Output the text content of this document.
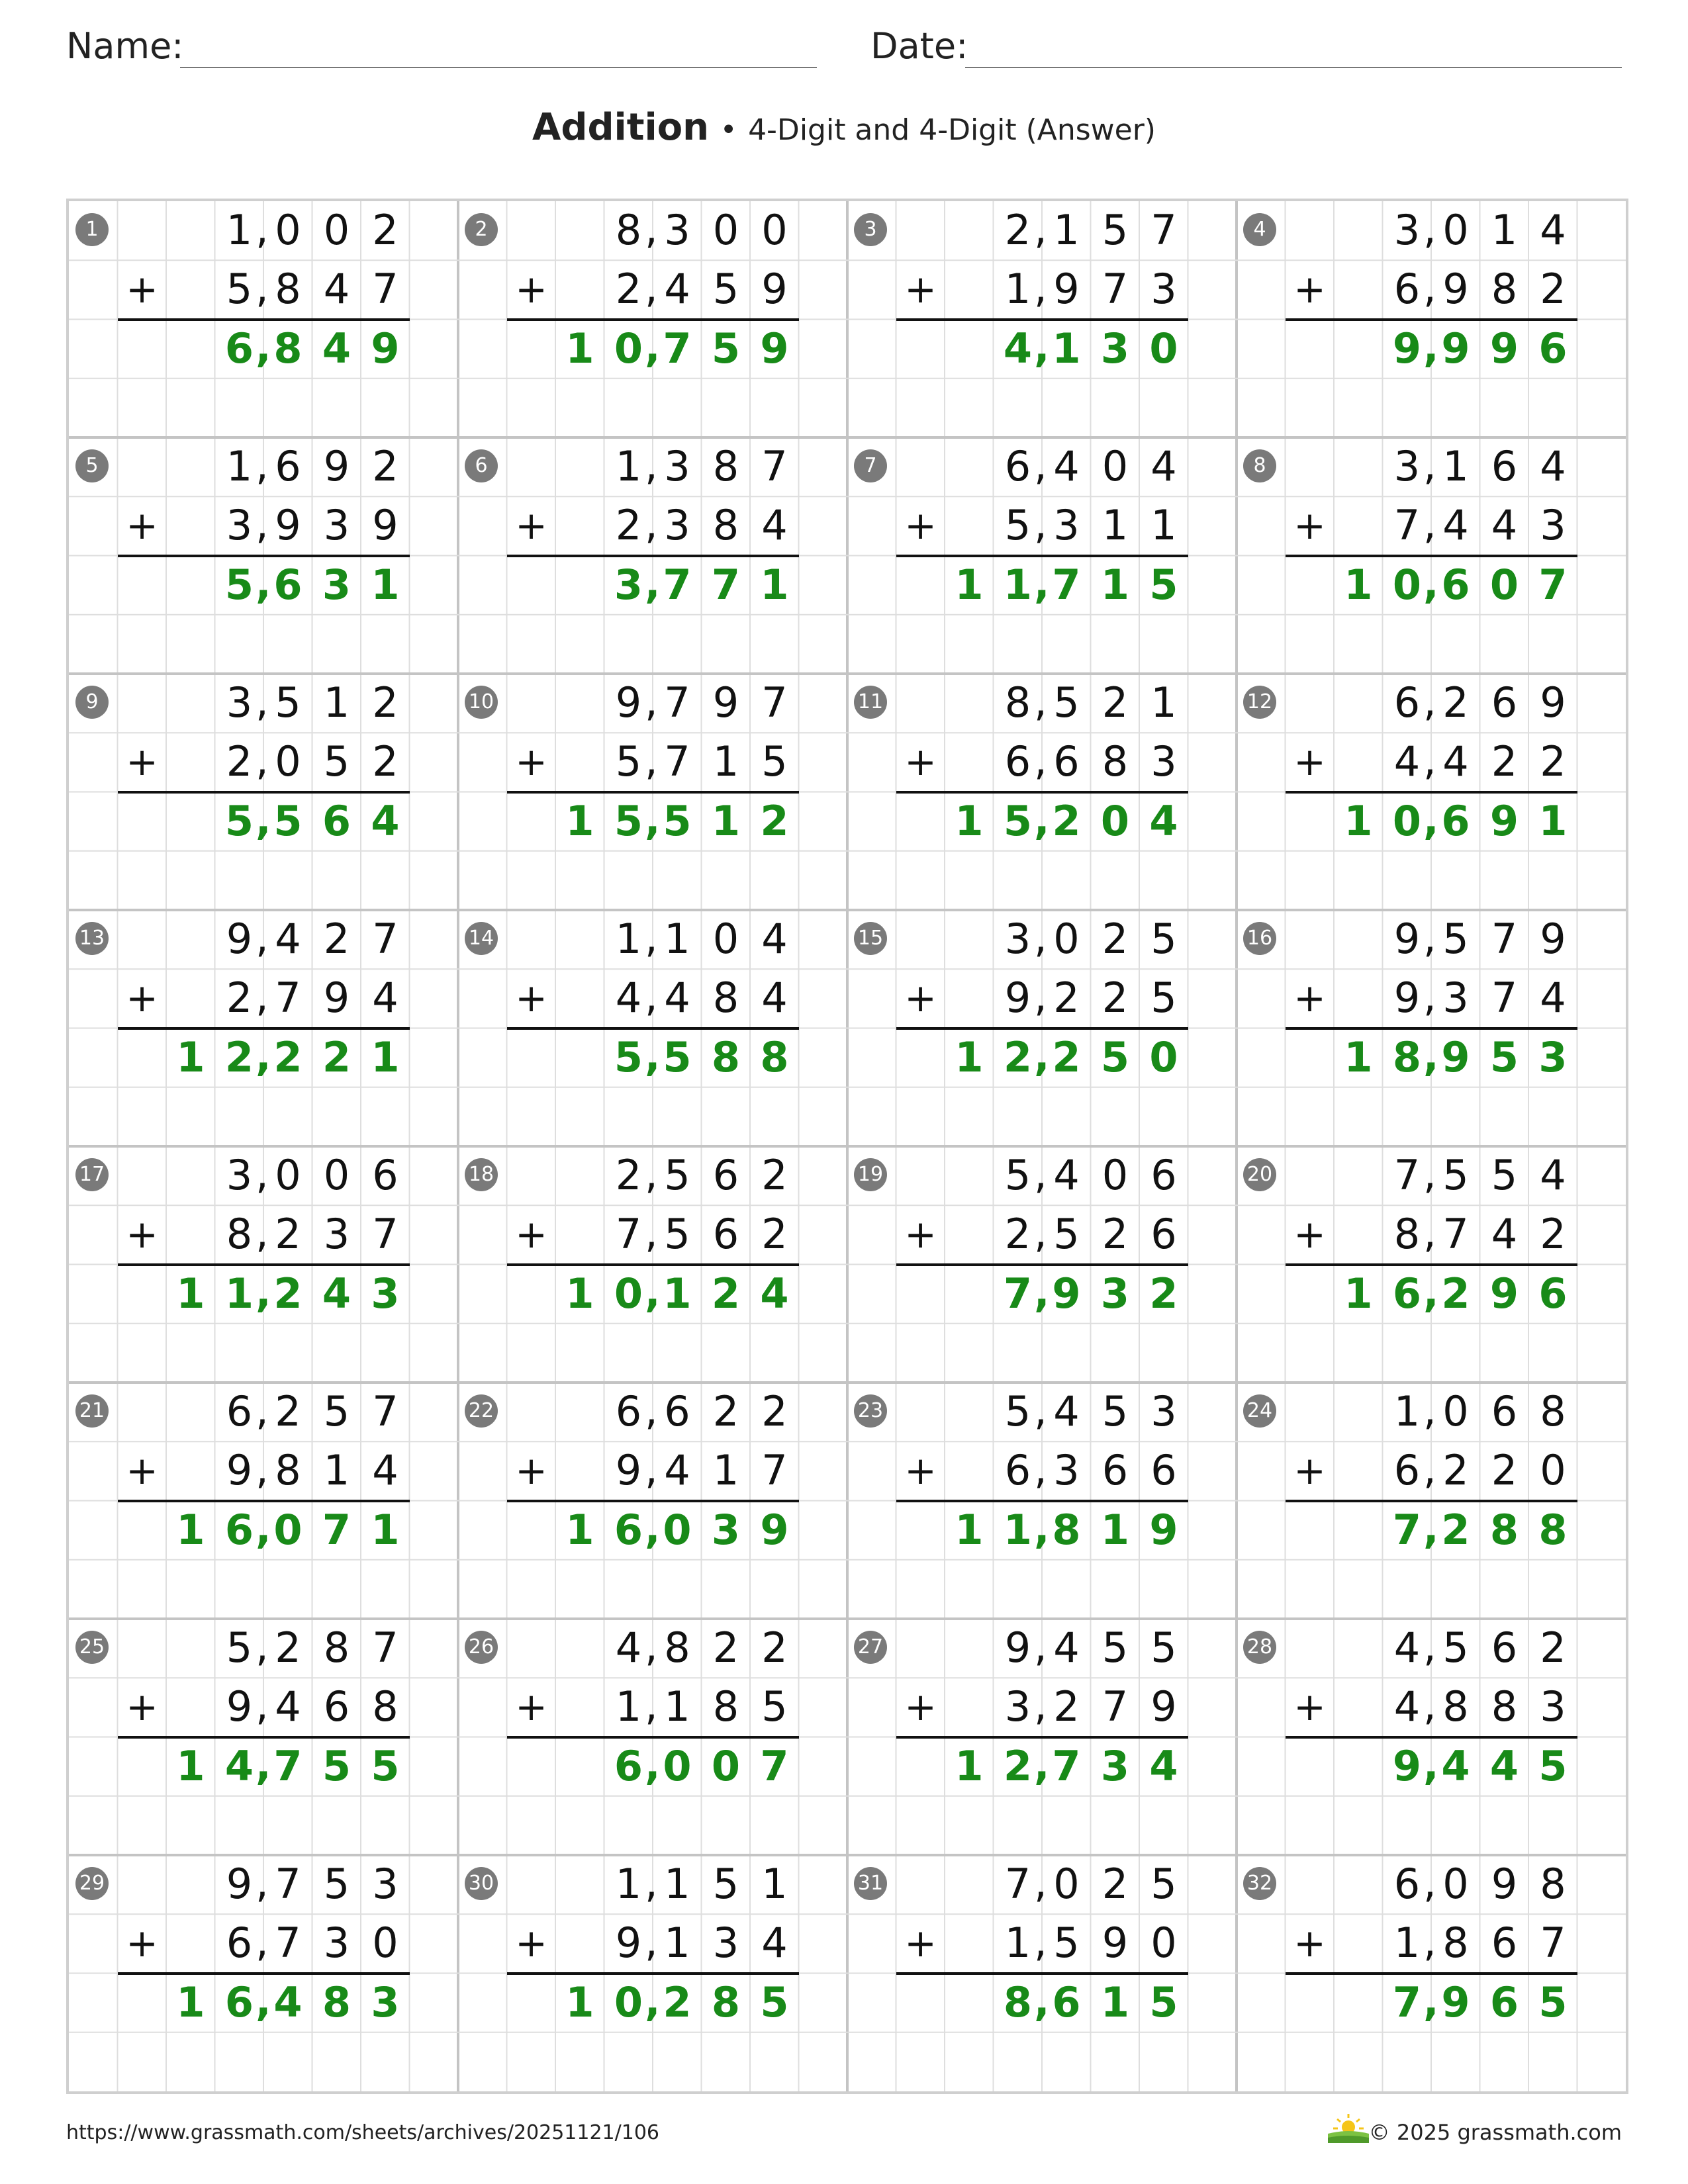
Name:	Date:
Addition • 4-Digit and 4-Digit (Answer)
1	1 , 0 0 2
+ 5 , 8 4 7
6 , 8 4 9
2	8 , 3 0 0
+ 2 , 4 5 9
1 0 , 7 5 9
3	2 , 1 5 7
+ 1 , 9 7 3
4 , 1 3 0
4	3 , 0 1 4
+ 6 , 9 8 2
9 , 9 9 6
5	1 , 6 9 2
+ 3 , 9 3 9
5 , 6 3 1
6	1 , 3 8 7
+ 2 , 3 8 4
3 , 7 7 1
7	6 , 4 0 4
+ 5 , 3 1 1
1 1 , 7 1 5
8	3 , 1 6 4
+ 7 , 4 4 3
1 0 , 6 0 7
9	3 , 5 1 2
+ 2 , 0 5 2
5 , 5 6 4
10	9 , 7 9 7
+ 5 , 7 1 5
1 5 , 5 1 2
11	8 , 5 2 1
+ 6 , 6 8 3
1 5 , 2 0 4
12	6 , 2 6 9
+ 4 , 4 2 2
1 0 , 6 9 1
13	9 , 4 2 7
+ 2 , 7 9 4
1 2 , 2 2 1
14	1 , 1 0 4
+ 4 , 4 8 4
5 , 5 8 8
15	3 , 0 2 5
+ 9 , 2 2 5
1 2 , 2 5 0
16	9 , 5 7 9
+ 9 , 3 7 4
1 8 , 9 5 3
17	3 , 0 0 6
+ 8 , 2 3 7
1 1 , 2 4 3
18	2 , 5 6 2
+ 7 , 5 6 2
1 0 , 1 2 4
19	5 , 4 0 6
+ 2 , 5 2 6
7 , 9 3 2
20	7 , 5 5 4
+ 8 , 7 4 2
1 6 , 2 9 6
21	6 , 2 5 7
+ 9 , 8 1 4
1 6 , 0 7 1
22	6 , 6 2 2
+ 9 , 4 1 7
1 6 , 0 3 9
23	5 , 4 5 3
+ 6 , 3 6 6
1 1 , 8 1 9
24	1 , 0 6 8
+ 6 , 2 2 0
7 , 2 8 8
25	5 , 2 8 7
+ 9 , 4 6 8
1 4 , 7 5 5
26	4 , 8 2 2
+ 1 , 1 8 5
6 , 0 0 7
27	9 , 4 5 5
+ 3 , 2 7 9
1 2 , 7 3 4
28	4 , 5 6 2
+ 4 , 8 8 3
9 , 4 4 5
29	9 , 7 5 3
+ 6 , 7 3 0
1 6 , 4 8 3
30	1 , 1 5 1
+ 9 , 1 3 4
1 0 , 2 8 5
31	7 , 0 2 5
+ 1 , 5 9 0
8 , 6 1 5
32	6 , 0 9 8
+ 1 , 8 6 7
7 , 9 6 5
https://www.grassmath.com/sheets/archives/20251121/106	© 2025 grassmath.com
